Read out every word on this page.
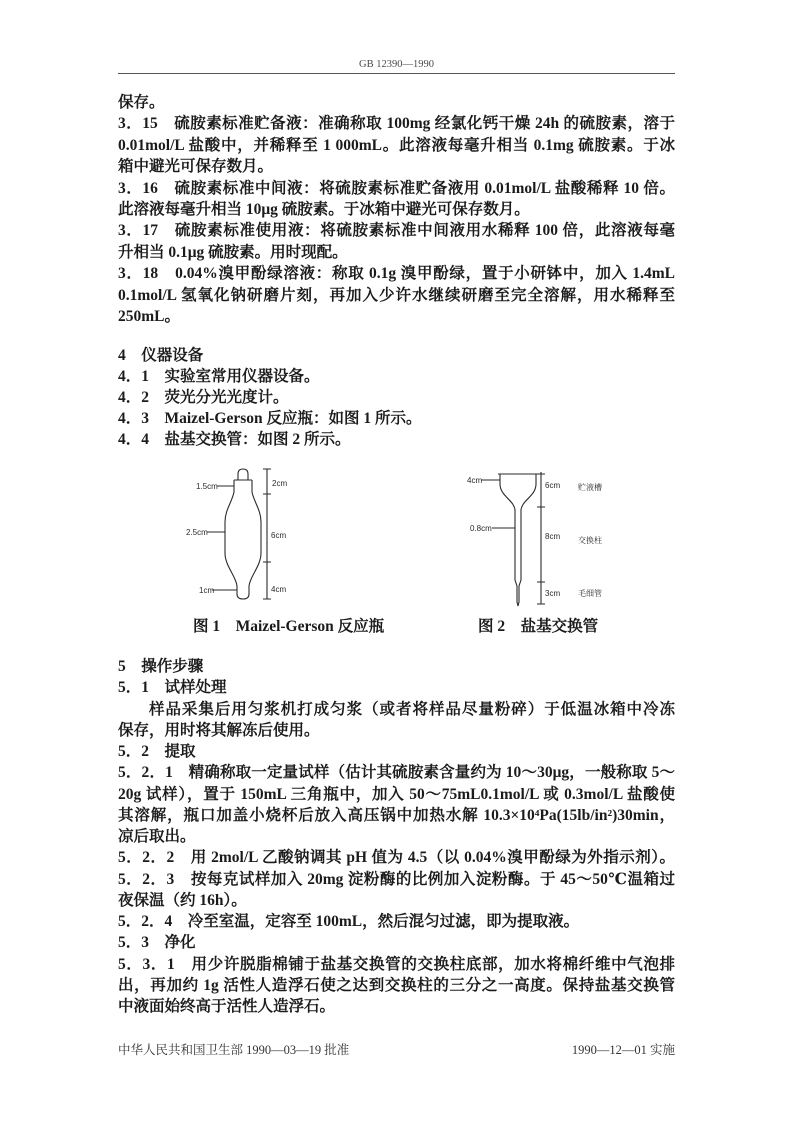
GB 12390—1990
保存。
3．15　硫胺素标准贮备液：准确称取 100mg 经氯化钙干燥 24h 的硫胺素，溶于
0.01mol/L 盐酸中，并稀释至 1 000mL。此溶液每毫升相当 0.1mg 硫胺素。于冰
箱中避光可保存数月。
3．16　硫胺素标准中间液：将硫胺素标准贮备液用 0.01mol/L 盐酸稀释 10 倍。
此溶液每毫升相当 10μg 硫胺素。于冰箱中避光可保存数月。
3．17　硫胺素标准使用液：将硫胺素标准中间液用水稀释 100 倍，此溶液每毫
升相当 0.1μg 硫胺素。用时现配。
3．18　0.04%溴甲酚绿溶液：称取 0.1g 溴甲酚绿，置于小研钵中，加入 1.4mL
0.1mol/L 氢氧化钠研磨片刻，再加入少许水继续研磨至完全溶解，用水稀释至
250mL。
4　仪器设备
4．1　实验室常用仪器设备。
4．2　荧光分光光度计。
4．3　Maizel-Gerson 反应瓶：如图 1 所示。
4．4　盐基交换管：如图 2 所示。
1.5cm	2cm
2.5cm	6cm
1cm	4cm
4cm
6cm 贮液槽
0.8cm
8cm 交换柱
3cm 毛细管
图 1　Maizel-Gerson 反应瓶	图 2　盐基交换管
5　操作步骤
5．1　试样处理
样品采集后用匀浆机打成匀浆（或者将样品尽量粉碎）于低温冰箱中冷冻
保存，用时将其解冻后使用。
5．2　提取
5．2．1　精确称取一定量试样（估计其硫胺素含量约为 10～30μg，一般称取 5～
20g 试样），置于 150mL 三角瓶中，加入 50～75mL0.1mol/L 或 0.3mol/L 盐酸使
其溶解，瓶口加盖小烧杯后放入高压锅中加热水解 10.3×10⁴Pa(15lb/in²)30min，
凉后取出。
5．2．2　用 2mol/L 乙酸钠调其 pH 值为 4.5（以 0.04%溴甲酚绿为外指示剂）。
5．2．3　按每克试样加入 20mg 淀粉酶的比例加入淀粉酶。于 45～50℃温箱过
夜保温（约 16h）。
5．2．4　冷至室温，定容至 100mL，然后混匀过滤，即为提取液。
5．3　净化
5．3．1　用少许脱脂棉铺于盐基交换管的交换柱底部，加水将棉纤维中气泡排
出，再加约 1g 活性人造浮石使之达到交换柱的三分之一高度。保持盐基交换管
中液面始终高于活性人造浮石。
中华人民共和国卫生部 1990—03—19 批准	1990—12—01 实施
